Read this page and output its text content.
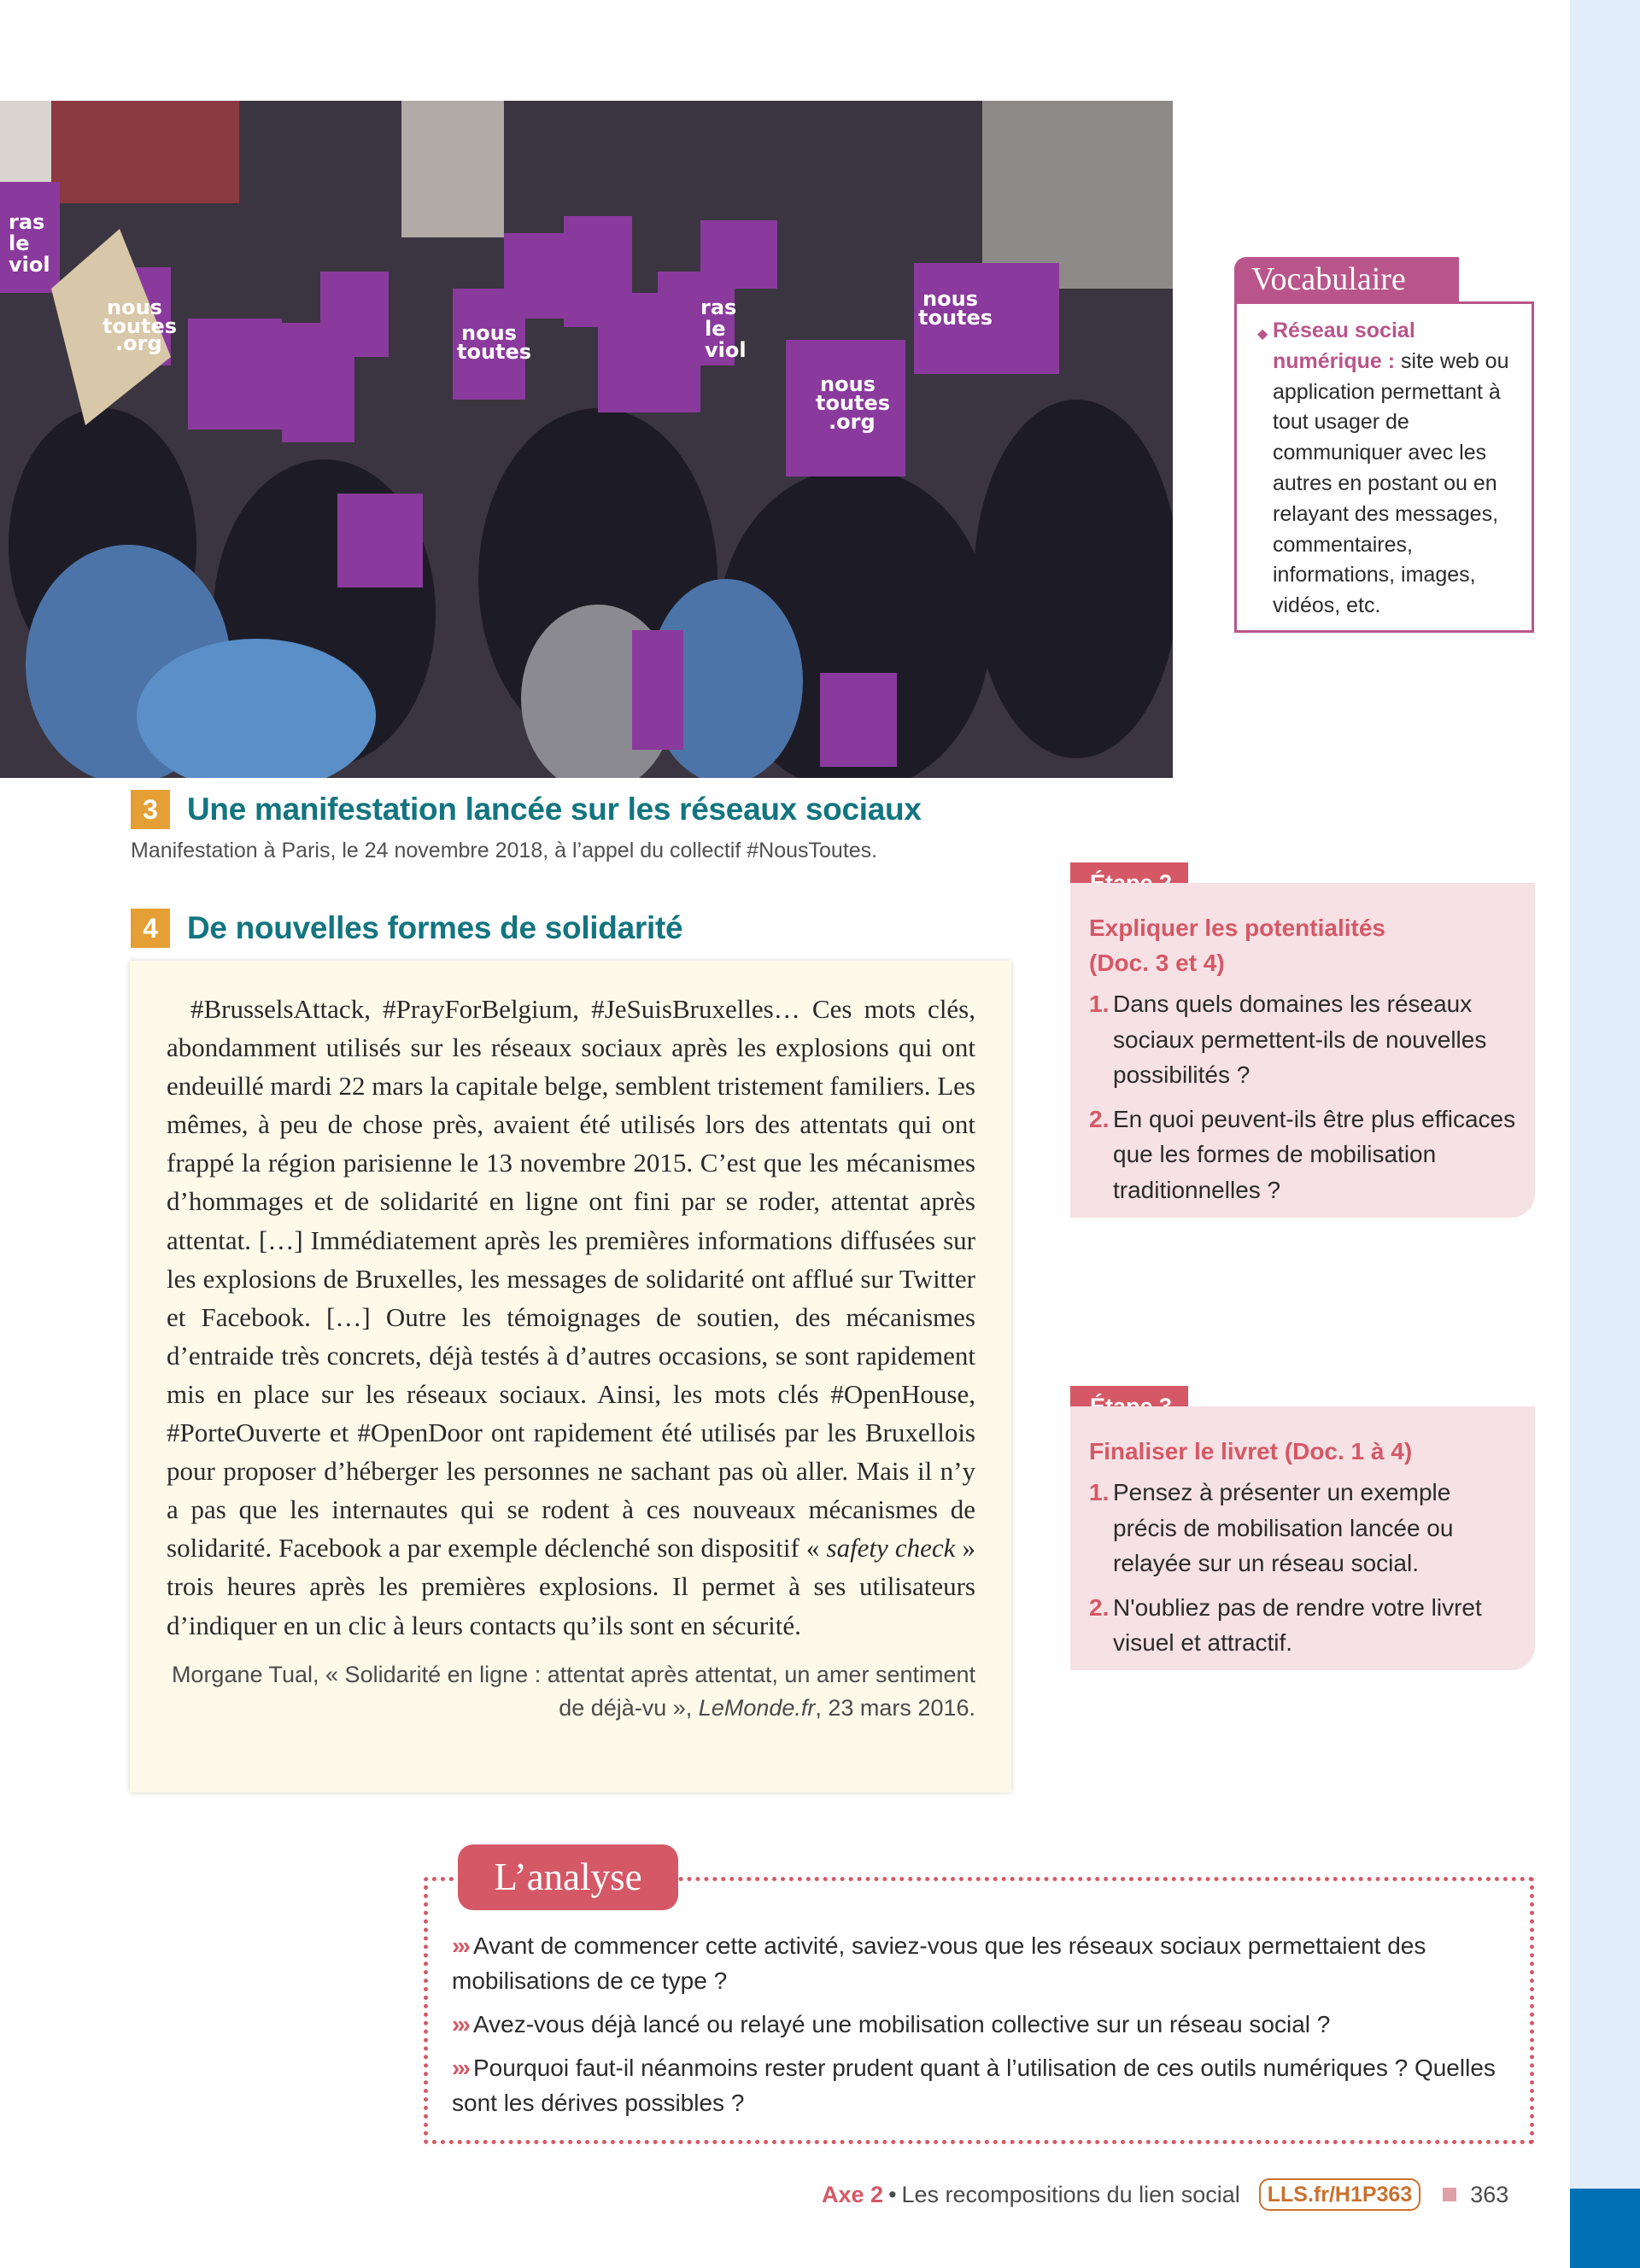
ras
le
viol
nous
toutes
.org	nous
toutes
nous
toutes
.org
nous
toutes
ras
le
viol
3 Une manifestation lancée sur les réseaux sociaux
Manifestation à Paris, le 24 novembre 2018, à l’appel du collectif #NousToutes.
4 De nouvelles formes de solidarité

#BrusselsAttack, #PrayForBelgium, #JeSuisBruxelles… Ces mots clés, abondamment utilisés sur les réseaux sociaux après les explosions qui ont endeuillé mardi 22 mars la capitale belge, semblent tristement familiers. Les mêmes, à peu de chose près, avaient été utilisés lors des attentats qui ont frappé la région parisienne le 13 novembre 2015. C’est que les mécanismes d’hommages et de solidarité en ligne ont fini par se roder, attentat après attentat. […] Immédiatement après les premières informations diffusées sur les explosions de Bruxelles, les messages de solidarité ont afflué sur Twitter et Facebook. […] Outre les témoignages de soutien, des mécanismes d’entraide très concrets, déjà testés à d’autres occasions, se sont rapidement mis en place sur les réseaux sociaux. Ainsi, les mots clés #OpenHouse, #PorteOuverte et #OpenDoor ont rapidement été utilisés par les Bruxellois pour proposer d’héberger les personnes ne sachant pas où aller. Mais il n’y a pas que les internautes qui se rodent à ces nouveaux mécanismes de solidarité. Facebook a par exemple déclenché son dispositif « safety check » trois heures après les premières explosions. Il permet à ses utilisateurs d’indiquer en un clic à leurs contacts qu’ils sont en sécurité.

Morgane Tual, « Solidarité en ligne : attentat après attentat, un amer sentiment de déjà-vu », LeMonde.fr, 23 mars 2016.

Vocabulaire
◆ Réseau social numérique : site web ou application permettant à tout usager de communiquer avec les autres en postant ou en relayant des messages, commentaires, informations, images, vidéos, etc.
Expliquer les potentialités
(Doc. 3 et 4)
1. Dans quels domaines les réseaux sociaux permettent-ils de nouvelles possibilités ?
2. En quoi peuvent-ils être plus efficaces que les formes de mobilisation traditionnelles ?
Finaliser le livret (Doc. 1 à 4)
1. Pensez à présenter un exemple précis de mobilisation lancée ou relayée sur un réseau social.
2. N'oubliez pas de rendre votre livret visuel et attractif.
L’analyse
››› Avant de commencer cette activité, saviez-vous que les réseaux sociaux permettaient des mobilisations de ce type ?
››› Avez-vous déjà lancé ou relayé une mobilisation collective sur un réseau social ?
››› Pourquoi faut-il néanmoins rester prudent quant à l’utilisation de ces outils numériques ? Quelles sont les dérives possibles ?
Axe 2 • Les recompositions du lien social	LLS.fr/H1P363	363
